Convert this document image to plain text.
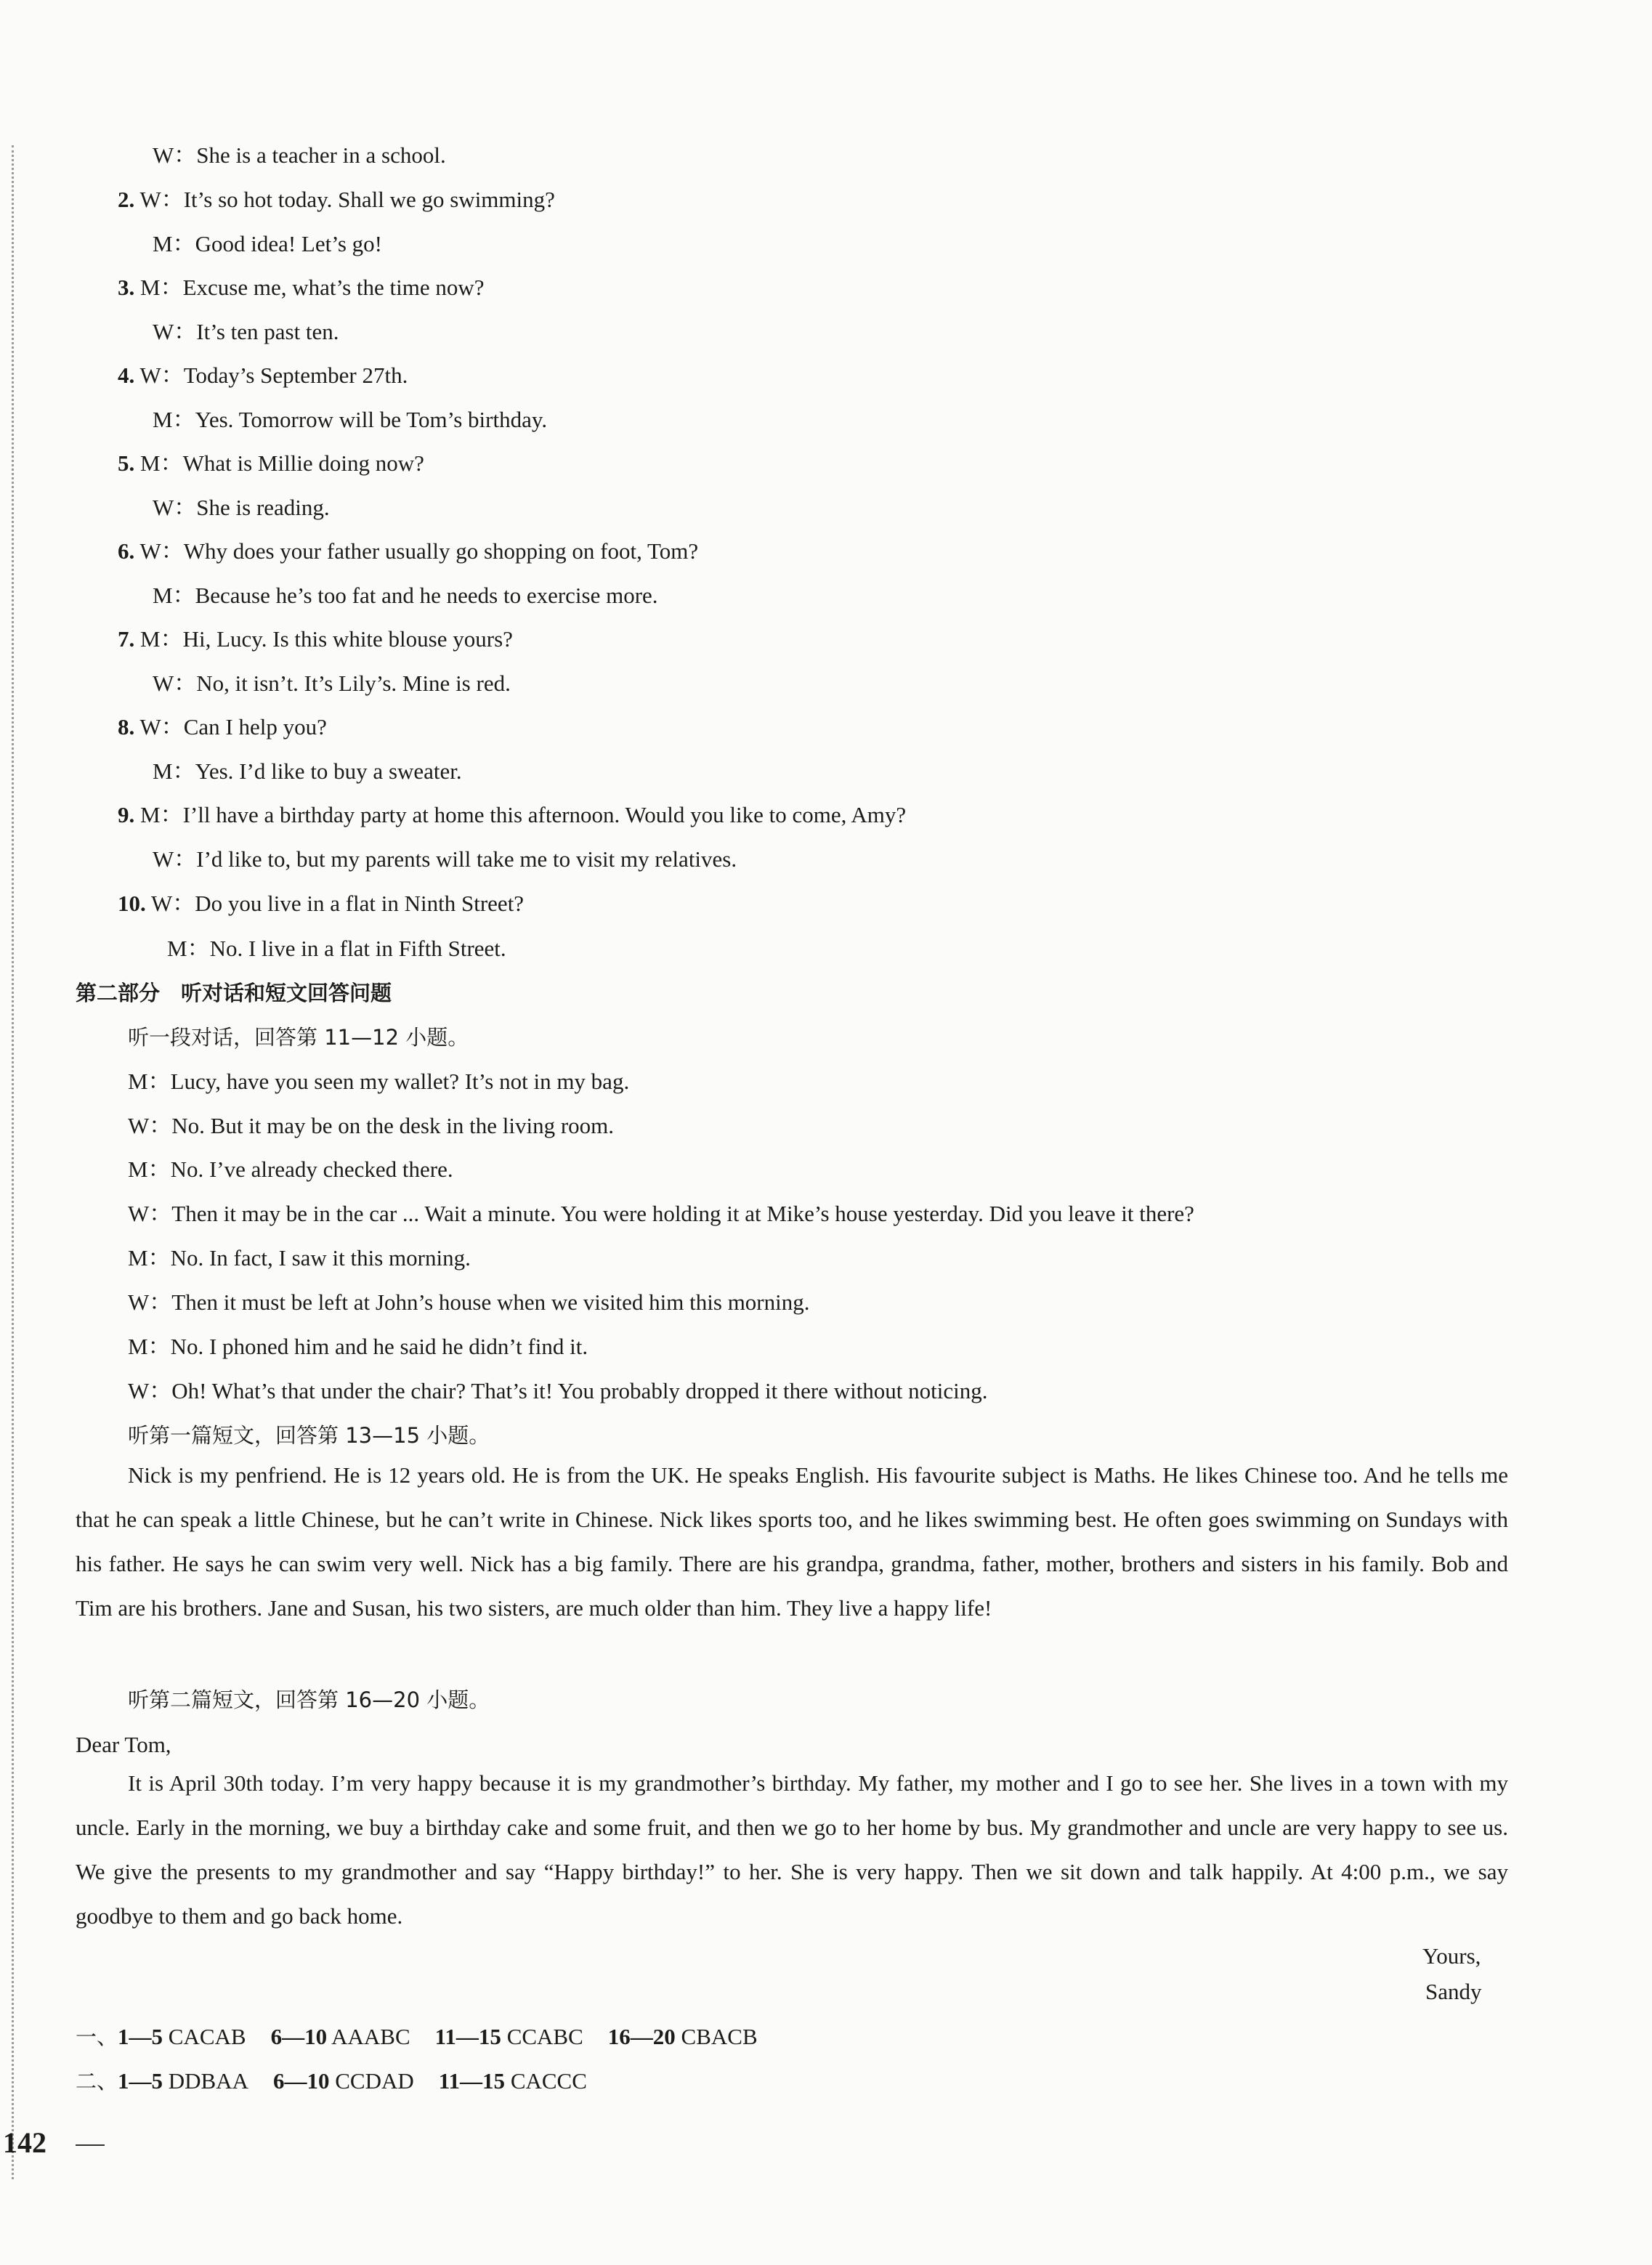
W：She is a teacher in a school.
2. W：It’s so hot today. Shall we go swimming?
M：Good idea! Let’s go!
3. M：Excuse me, what’s the time now?
W：It’s ten past ten.
4. W：Today’s September 27th.
M：Yes. Tomorrow will be Tom’s birthday.
5. M：What is Millie doing now?
W：She is reading.
6. W：Why does your father usually go shopping on foot, Tom?
M：Because he’s too fat and he needs to exercise more.
7. M：Hi, Lucy. Is this white blouse yours?
W：No, it isn’t. It’s Lily’s. Mine is red.
8. W：Can I help you?
M：Yes. I’d like to buy a sweater.
9. M：I’ll have a birthday party at home this afternoon. Would you like to come, Amy?
W：I’d like to, but my parents will take me to visit my relatives.
10. W：Do you live in a flat in Ninth Street?
M：No. I live in a flat in Fifth Street.
第二部分　听对话和短文回答问题
听一段对话，回答第 11—12 小题。
M：Lucy, have you seen my wallet? It’s not in my bag.
W：No. But it may be on the desk in the living room.
M：No. I’ve already checked there.
W：Then it may be in the car ... Wait a minute. You were holding it at Mike’s house yesterday. Did you leave it there?
M：No. In fact, I saw it this morning.
W：Then it must be left at John’s house when we visited him this morning.
M：No. I phoned him and he said he didn’t find it.
W：Oh! What’s that under the chair? That’s it! You probably dropped it there without noticing.
听第一篇短文，回答第 13—15 小题。
Nick is my penfriend. He is 12 years old. He is from the UK. He speaks English. His favourite subject is Maths. He likes Chinese too. And he tells me that he can speak a little Chinese, but he can’t write in Chinese. Nick likes sports too, and he likes swimming best. He often goes swimming on Sundays with his father. He says he can swim very well. Nick has a big family. There are his grandpa, grandma, father, mother, brothers and sisters in his family. Bob and Tim are his brothers. Jane and Susan, his two sisters, are much older than him. They live a happy life!
听第二篇短文，回答第 16—20 小题。
Dear Tom,
It is April 30th today. I’m very happy because it is my grandmother’s birthday. My father, my mother and I go to see her. She lives in a town with my uncle. Early in the morning, we buy a birthday cake and some fruit, and then we go to her home by bus. My grandmother and uncle are very happy to see us. We give the presents to my grandmother and say “Happy birthday!” to her. She is very happy. Then we sit down and talk happily. At 4:00 p.m., we say goodbye to them and go back home.
Yours,
Sandy
一、1—5 CACAB 6—10 AAABC 11—15 CCABC 16—20 CBACB
二、1—5 DDBAA 6—10 CCDAD 11—15 CACCC
142
